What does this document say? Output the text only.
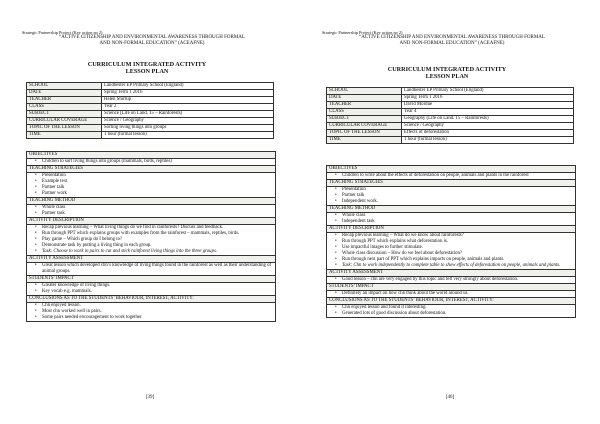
Strategic Partnership Project (Key action no 2)
“ACTIVE CITIZENSHIP AND ENVIRONMENTAL AWARENESS THROUGH FORMAL
AND NON-FORMAL EDUCATION” (ACEAFNE)
CURRICULUM INTEGRATED ACTIVITY
LESSON PLAN
SCHOOL	Landhester EP Primary School (England)
DATE	Spring Term 1 2016
TEACHER	Helen Sturrup
CLASS	Year 2
SUBJECT	Science (Life on Land. 15 – Rainforests)
CURRICULAR COVERAGE	Science / Geography
TOPIC OF THE LESSON	Sorting living things into groups
TIME	1 hour (formal lesson)
OBJECTIVES
• Children to sort living things into groups (mammals, birds, reptiles)
TEACHING STRATEGIES
• Presentation
• Example text
• Partner talk
• Partner work
TEACHING METHOD
• Whole class
• Partner task
ACTIVITY DESCRIPTION
• Recap previous learning – What living things do we find in rainforests? Discuss and feedback.
• Run through PPT which explains groups with examples from the rainforest – mammals, reptiles, birds.
• Play game – Which group do I belong to?
• Demonstrate task by putting a living thing in each group.
• Task: Choose to work in pairs to cut and stick rainforest living things into the three groups.
ACTIVITY ASSESSMENT
• Great lesson which developed chn’s knowledge of living things found in the rainforest as well as their understanding of animal groups.
STUDENTS’ IMPACT
• Greater knowledge of living things.
• Key vocab e.g. mammals.
CONCLUSIONS AS TO THE STUDENTS’ BEHAVIOUR, INTEREST, ACTIVITY:
• Chn enjoyed lesson.
• Most chn worked well in pairs.
• Some pairs needed encouragement to work together.
[39]
Strategic Partnership Project (Key action no 2)
“ACTIVE CITIZENSHIP AND ENVIRONMENTAL AWARENESS THROUGH FORMAL
AND NON-FORMAL EDUCATION” (ACEAFNE)
CURRICULUM INTEGRATED ACTIVITY
LESSON PLAN
SCHOOL	Landhester EP Primary School (England)
DATE	Spring Term 1 2016
TEACHER	David Mordue
CLASS	Year 4
SUBJECT	Geography (Life on Land. 15 – Rainforests)
CURRICULAR COVERAGE	Science / Geography
TOPIC OF THE LESSON	Effects of deforestation
TIME	1 hour (formal lesson)
OBJECTIVES
• Children to write about the effects of deforestation on people, animals and plants in the rainforest
TEACHING STRATEGIES
• Presentation
• Partner talk
• Independent work.
TEACHING METHOD
• Whole class
• Independent task
ACTIVITY DESCRIPTION
• Recap previous learning – What do we know about rainforests?
• Run through PPT which explains what deforestation is.
• Use impactful images to further stimulate.
• Whole class discussion – How do we feel about deforestation?
• Run through next part of PPT which explains impacts on people, animals and plants.
• Task: Chn to work independently to complete table to show effects of deforestation on people, animals and plants.
ACTIVITY ASSESSMENT
• Good lesson – chn are very engaged by this topic and felt very strongly about deforestation.
STUDENTS’ IMPACT
• Definitely an impact on how chn think about the world around us.
CONCLUSIONS AS TO THE STUDENTS’ BEHAVIOUR, INTEREST, ACTIVITY:
• Chn enjoyed lesson and found it interesting.
• Generated lots of good discussion about deforestation.
[40]
